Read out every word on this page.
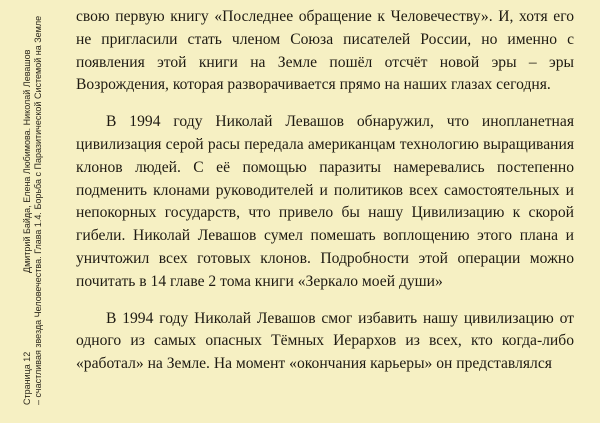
Страница 12 – счастливая звезда Человечества. Глава 1.4. Борьба с Паразитической Системой на Земле
Дмитрий Байда, Елена Любимова. Николай Левашов

свою первую книгу «Последнее обращение к Человечеству». И, хотя его не пригласили стать членом Союза писателей России, но именно с появления этой книги на Земле пошёл отсчёт новой эры – эры Возрождения, которая разворачивается прямо на наших глазах сегодня.

В 1994 году Николай Левашов обнаружил, что инопланетная цивилизация серой расы передала американцам технологию выращивания клонов людей. С её помощью паразиты намеревались постепенно подменить клонами руководителей и политиков всех самостоятельных и непокорных государств, что привело бы нашу Цивилизацию к скорой гибели. Николай Левашов сумел помешать воплощению этого плана и уничтожил всех готовых клонов. Подробности этой операции можно почитать в 14 главе 2 тома книги «Зеркало моей души»

В 1994 году Николай Левашов смог избавить нашу цивилизацию от одного из самых опасных Тёмных Иерархов из всех, кто когда-либо «работал» на Земле. На момент «окончания карьеры» он представлялся
